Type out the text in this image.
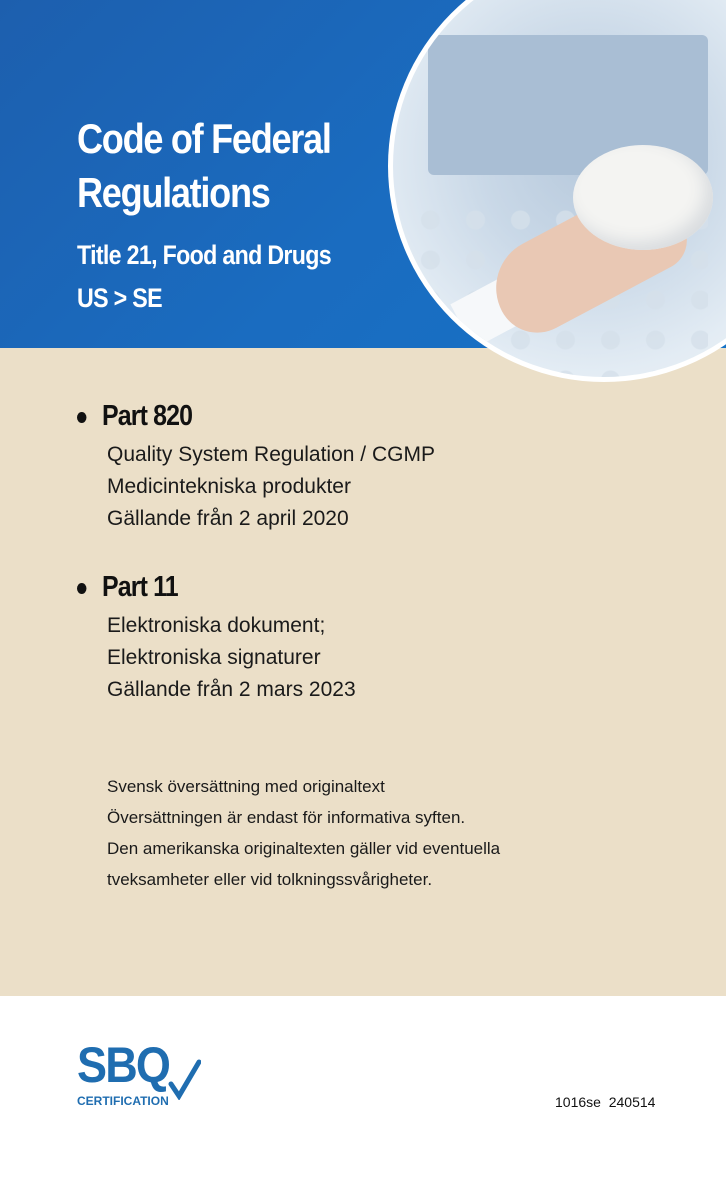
Code of Federal
Regulations
Title 21, Food and Drugs
US > SE
Part 820
Quality System Regulation / CGMP
Medicintekniska produkter
Gällande från 2 april 2020
Part 11
Elektroniska dokument;
Elektroniska signaturer
Gällande från 2 mars 2023
Svensk översättning med originaltext
Översättningen är endast för informativa syften.
Den amerikanska originaltexten gäller vid eventuella
tveksamheter eller vid tolkningssvårigheter.
SBQ
CERTIFICATION	1016se  240514
